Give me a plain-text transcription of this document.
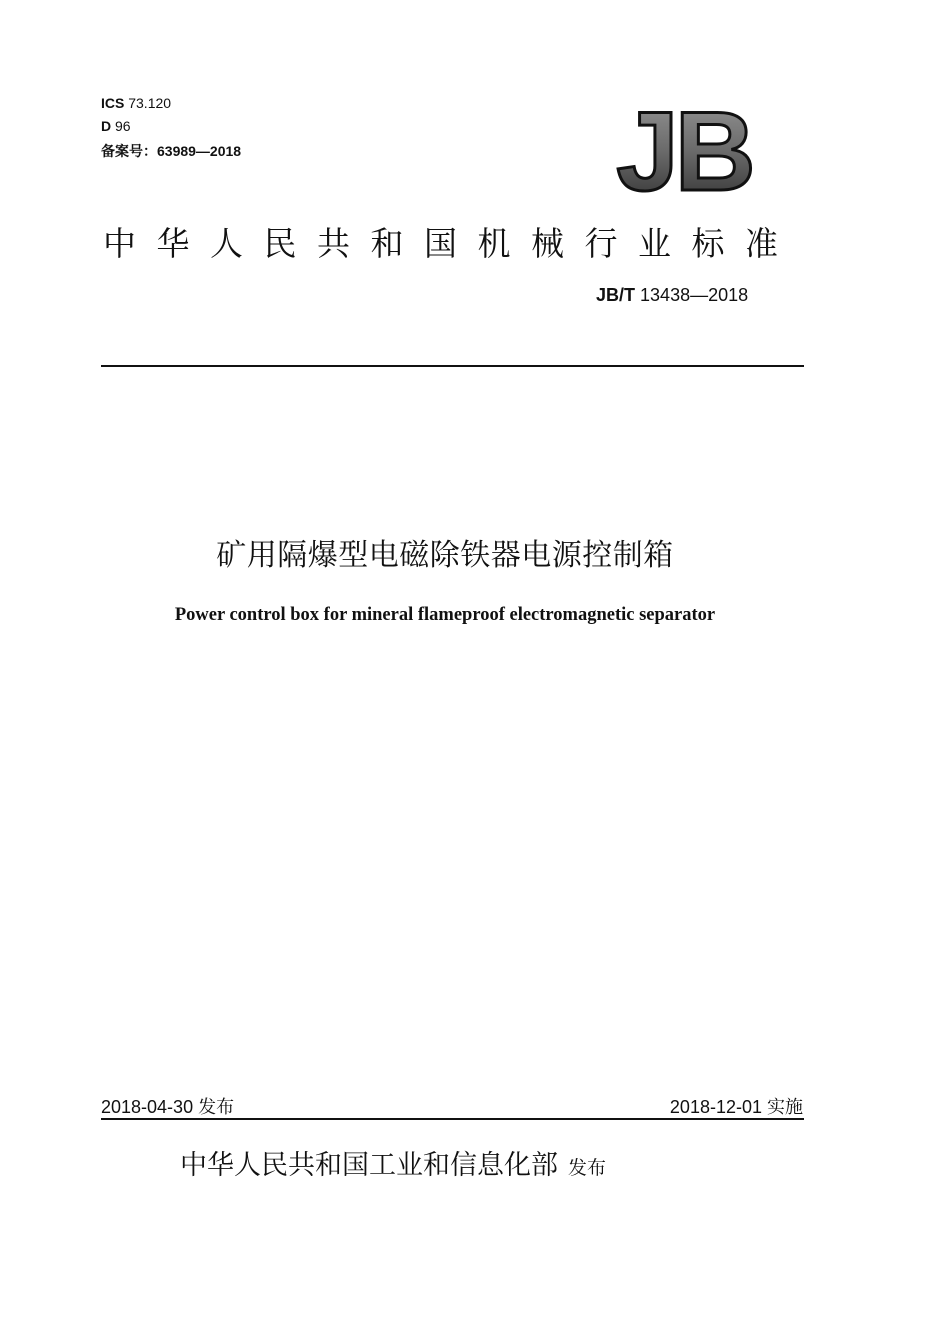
ICS 73.120
D 96
备案号：63989—2018	JB
中华人民共和国机械行业标准
JB/T 13438—2018
矿用隔爆型电磁除铁器电源控制箱
Power control box for mineral flameproof electromagnetic separator
2018-04-30 发布	2018-12-01 实施
中华人民共和国工业和信息化部 发布
